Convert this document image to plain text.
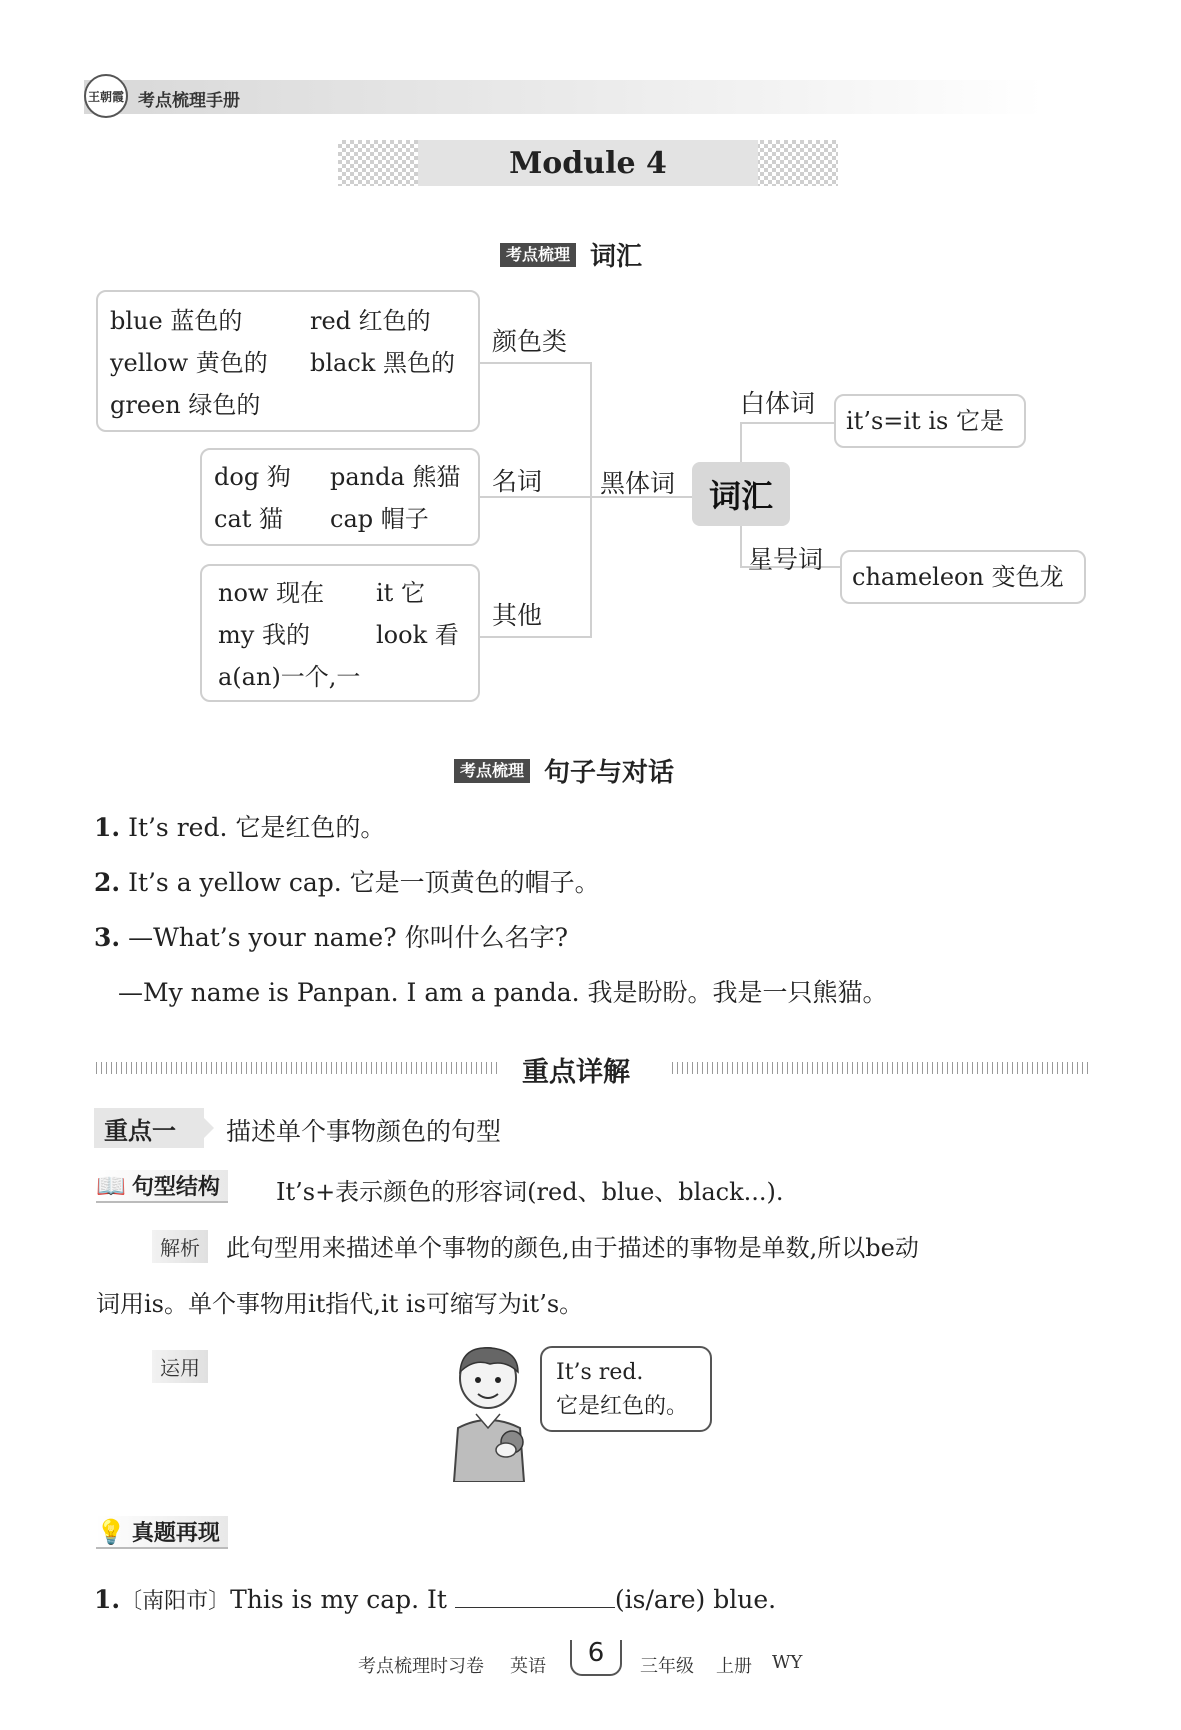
王朝霞 考点梳理手册
Module 4
考点梳理 词汇
blue 蓝色的	red 红色的
yellow 黄色的 black 黑色的
green 绿色的
颜色类
dog 狗 panda 熊猫
cat 猫 cap 帽子
名词
now 现在 it 它
my 我的	look 看
a(an)一个,一
其他
黑体词	词汇
白体词
星号词
it’s=it is 它是
chameleon 变色龙
考点梳理 句子与对话
1. It’s red. 它是红色的。
2. It’s a yellow cap. 它是一顶黄色的帽子。
3. —What’s your name? 你叫什么名字?
—My name is Panpan. I am a panda. 我是盼盼。我是一只熊猫。
重点详解
重点一	描述单个事物颜色的句型
📖 句型结构 It’s+表示颜色的形容词(red、blue、black...).
解析	此句型用来描述单个事物的颜色,由于描述的事物是单数,所以be动
词用is。单个事物用it指代,it is可缩写为it’s。
运用	It’s red.
它是红色的。
💡 真题再现
1.〔南阳市〕This is my cap. It	(is/are) blue.
考点梳理时习卷 英语	6	三年级 上册 WY
